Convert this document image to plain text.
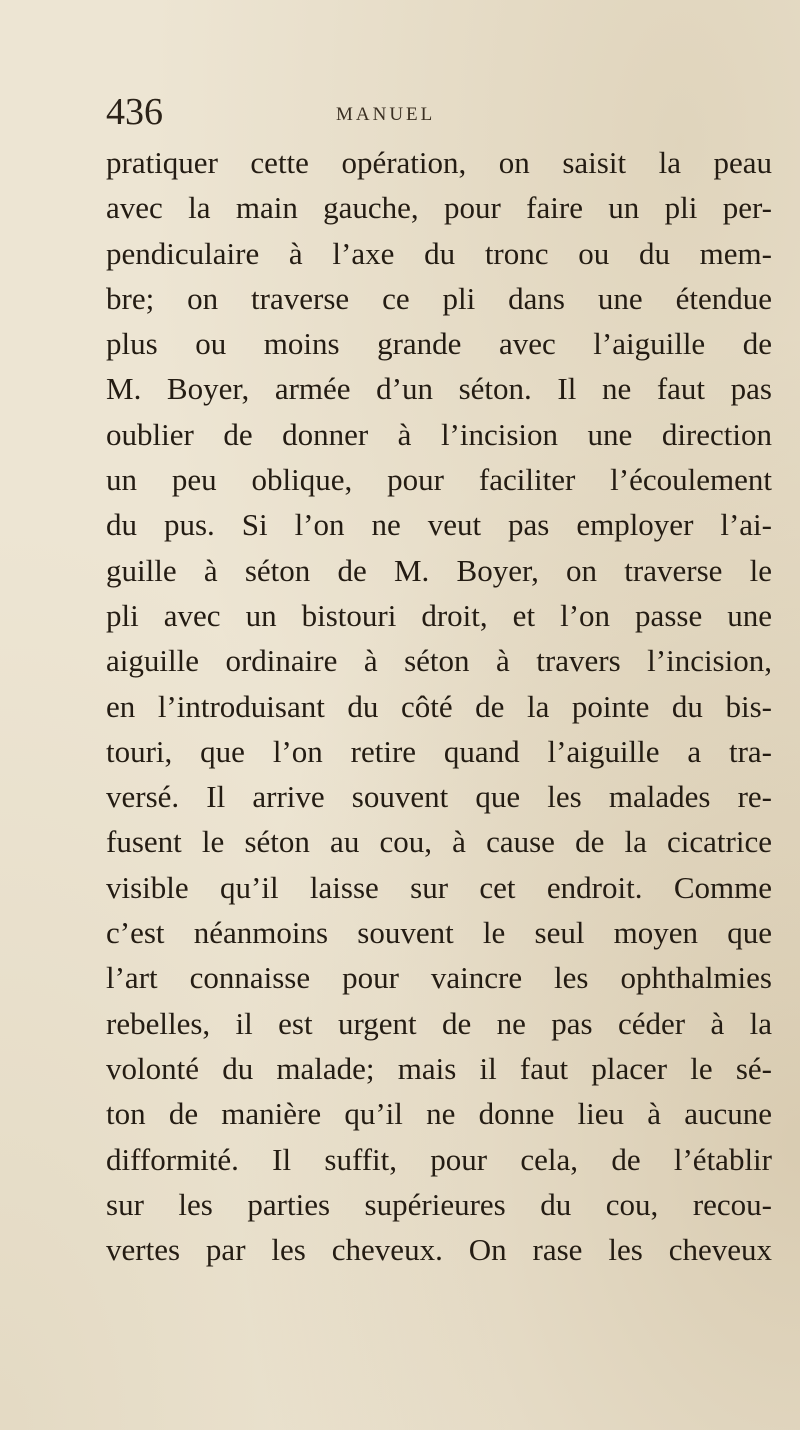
436	MANUEL
pratiquer cette opération, on saisit la peau
avec la main gauche, pour faire un pli per-
pendiculaire à l’axe du tronc ou du mem-
bre; on traverse ce pli dans une étendue
plus ou moins grande avec l’aiguille de
M. Boyer, armée d’un séton. Il ne faut pas
oublier de donner à l’incision une direction
un peu oblique, pour faciliter l’écoulement
du pus. Si l’on ne veut pas employer l’ai-
guille à séton de M. Boyer, on traverse le
pli avec un bistouri droit, et l’on passe une
aiguille ordinaire à séton à travers l’incision,
en l’introduisant du côté de la pointe du bis-
touri, que l’on retire quand l’aiguille a tra-
versé. Il arrive souvent que les malades re-
fusent le séton au cou, à cause de la cicatrice
visible qu’il laisse sur cet endroit. Comme
c’est néanmoins souvent le seul moyen que
l’art connaisse pour vaincre les ophthalmies
rebelles, il est urgent de ne pas céder à la
volonté du malade; mais il faut placer le sé-
ton de manière qu’il ne donne lieu à aucune
difformité. Il suffit, pour cela, de l’établir
sur les parties supérieures du cou, recou-
vertes par les cheveux. On rase les cheveux
